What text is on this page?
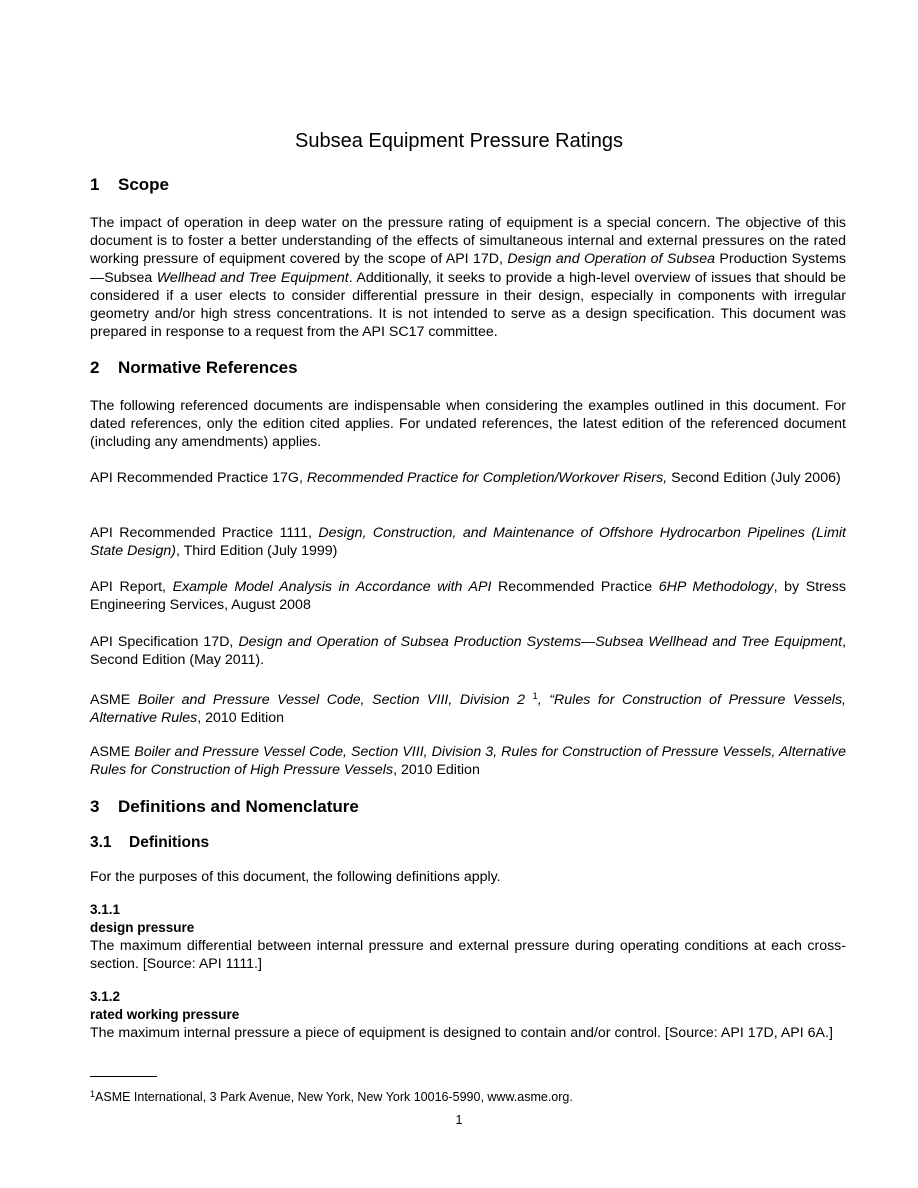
Subsea Equipment Pressure Ratings
1 Scope
The impact of operation in deep water on the pressure rating of equipment is a special concern. The objective of this document is to foster a better understanding of the effects of simultaneous internal and external pressures on the rated working pressure of equipment covered by the scope of API 17D, Design and Operation of Subsea Production Systems—Subsea Wellhead and Tree Equipment. Additionally, it seeks to provide a high-level overview of issues that should be considered if a user elects to consider differential pressure in their design, especially in components with irregular geometry and/or high stress concentrations. It is not intended to serve as a design specification. This document was prepared in response to a request from the API SC17 committee.
2 Normative References
The following referenced documents are indispensable when considering the examples outlined in this document. For dated references, only the edition cited applies. For undated references, the latest edition of the referenced document (including any amendments) applies.
API Recommended Practice 17G, Recommended Practice for Completion/Workover Risers, Second Edition (July 2006)
API Recommended Practice 1111, Design, Construction, and Maintenance of Offshore Hydrocarbon Pipelines (Limit State Design), Third Edition (July 1999)
API Report, Example Model Analysis in Accordance with API Recommended Practice 6HP Methodology, by Stress Engineering Services, August 2008
API Specification 17D, Design and Operation of Subsea Production Systems—Subsea Wellhead and Tree Equipment, Second Edition (May 2011).
ASME Boiler and Pressure Vessel Code, Section VIII, Division 2 $^1$, “Rules for Construction of Pressure Vessels, Alternative Rules, 2010 Edition
ASME Boiler and Pressure Vessel Code, Section VIII, Division 3, Rules for Construction of Pressure Vessels, Alternative Rules for Construction of High Pressure Vessels, 2010 Edition
3 Definitions and Nomenclature
3.1 Definitions
For the purposes of this document, the following definitions apply.
3.1.1
design pressure
The maximum differential between internal pressure and external pressure during operating conditions at each cross-section. [Source: API 1111.]
3.1.2
rated working pressure
The maximum internal pressure a piece of equipment is designed to contain and/or control. [Source: API 17D, API 6A.]
$^1$ASME International, 3 Park Avenue, New York, New York 10016-5990, www.asme.org.
1
